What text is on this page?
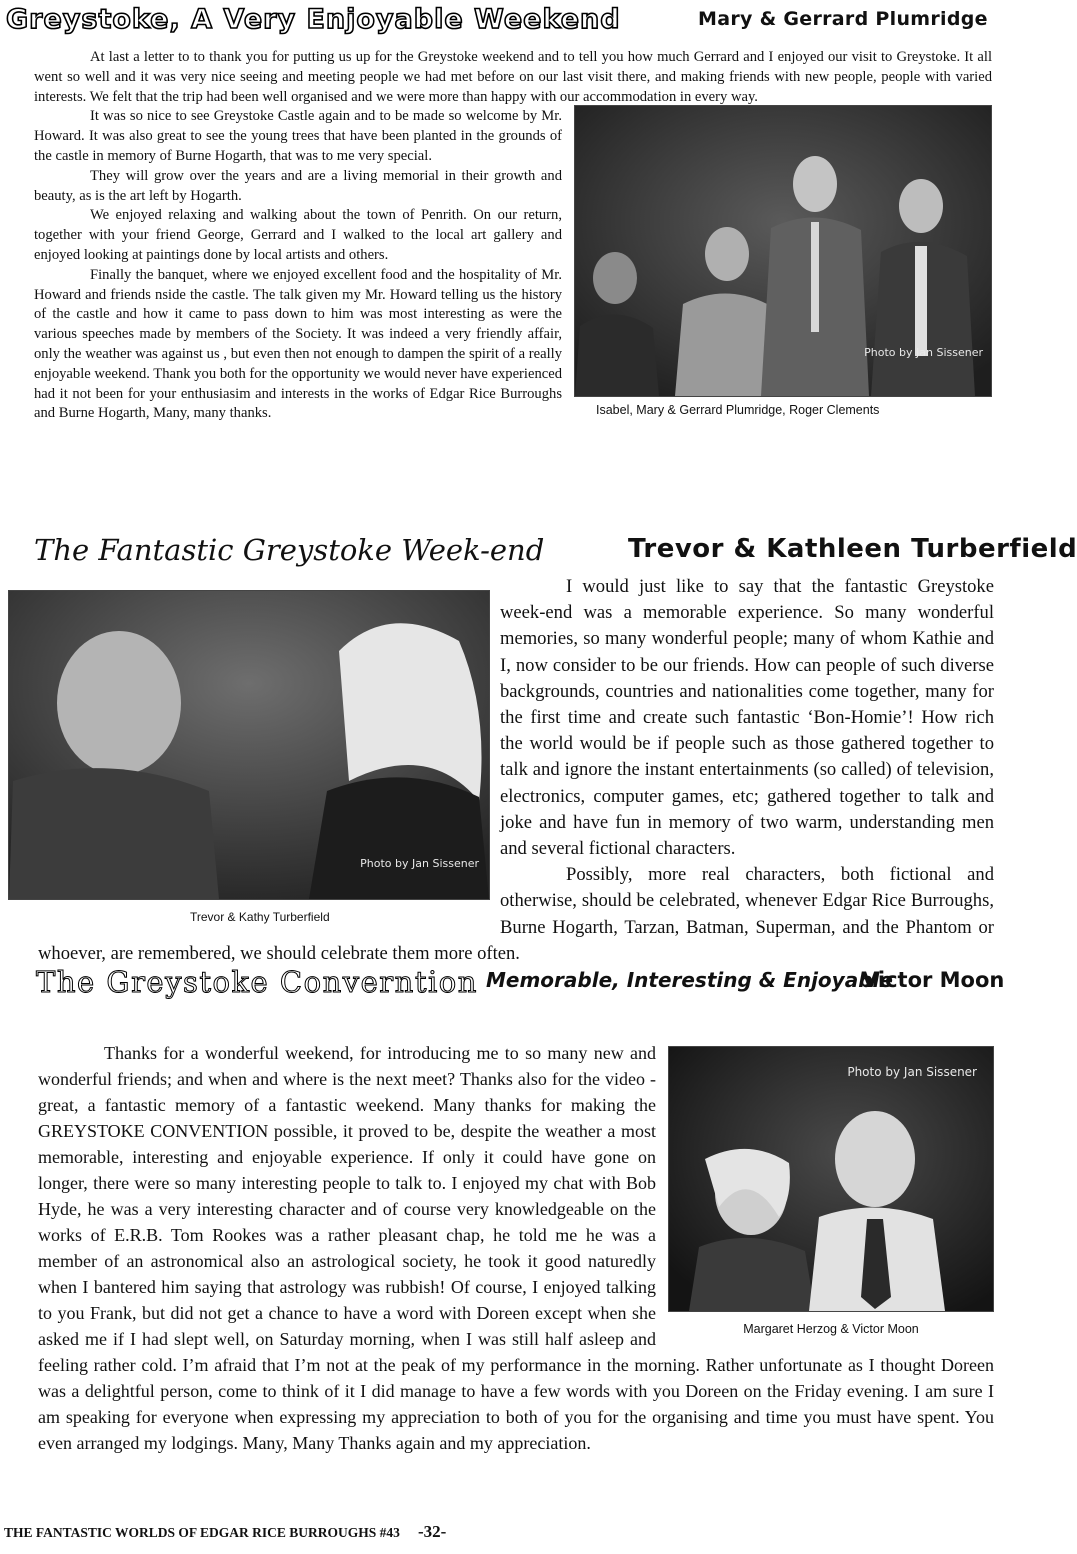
Greystoke, A Very Enjoyable Weekend	Mary & Gerrard Plumridge

At last a letter to to thank you for putting us up for the Greystoke weekend and to tell you how much Gerrard and I enjoyed our visit to Greystoke. It all went so well and it was very nice seeing and meeting people we had met before on our last visit there, and making friends with new people, people with varied interests. We felt that the trip had been well organised and we were more than happy with our accommodation in every way.

Photo by Jan Sissener
Isabel, Mary & Gerrard Plumridge, Roger Clements

It was so nice to see Greystoke Castle again and to be made so welcome by Mr. Howard. It was also great to see the young trees that have been planted in the grounds of the castle in memory of Burne Hogarth, that was to me very special.

They will grow over the years and are a living memorial in their growth and beauty, as is the art left by Hogarth.

We enjoyed relaxing and walking about the town of Penrith. On our return, together with your friend George, Gerrard and I walked to the local art gallery and enjoyed looking at paintings done by local artists and others.

Finally the banquet, where we enjoyed excellent food and the hospitality of Mr. Howard and friends nside the castle. The talk given my Mr. Howard telling us the history of the castle and how it came to pass down to him was most interesting as were the various speeches made by members of the Society. It was indeed a very friendly affair, only the weather was against us , but even then not enough to dampen the spirit of a really enjoyable weekend. Thank you both for the opportunity we would never have experienced had it not been for your enthusiasim and interests in the works of Edgar Rice Burroughs and Burne Hogarth, Many, many thanks.

The Fantastic Greystoke Week-end	Trevor & Kathleen Turberfield
Photo by Jan Sissener
Trevor & Kathy Turberfield

I would just like to say that the fantastic Greystoke week-end was a memorable experience. So many wonderful memories, so many wonderful people; many of whom Kathie and I, now consider to be our friends. How can people of such diverse backgrounds, countries and nationalities come together, many for the first time and create such fantastic ‘Bon-Homie’! How rich the world would be if people such as those gathered together to talk and ignore the instant entertainments (so called) of television, electronics, computer games, etc; gathered together to talk and joke and have fun in memory of two warm, understanding men and several fictional characters.

Possibly, more real characters, both fictional and otherwise, should be celebrated, whenever Edgar Rice Burroughs, Burne Hogarth, Tarzan, Batman, Superman, and the Phantom or whoever, are remembered, we should celebrate them more often.

The Greystoke Converntion Memorable, Interesting & Enjoyable
Victor Moon
Photo by Jan Sissener
Margaret Herzog & Victor Moon

Thanks for a wonderful weekend, for introducing me to so many new and wonderful friends; and when and where is the next meet? Thanks also for the video - great, a fantastic memory of a fantastic weekend. Many thanks for making the GREYSTOKE CONVENTION possible, it proved to be, despite the weather a most memorable, interesting and enjoyable experience. If only it could have gone on longer, there were so many interesting people to talk to. I enjoyed my chat with Bob Hyde, he was a very interesting character and of course very knowledgeable on the works of E.R.B. Tom Rookes was a rather pleasant chap, he told me he was a member of an astronomical also an astrological society, he took it good naturedly when I bantered him saying that astrology was rubbish! Of course, I enjoyed talking to you Frank, but did not get a chance to have a word with Doreen except when she asked me if I had slept well, on Saturday morning, when I was still half asleep and feeling rather cold. I’m afraid that I’m not at the peak of my performance in the morning. Rather unfortunate as I thought Doreen was a delightful person, come to think of it I did manage to have a few words with you Doreen on the Friday evening. I am sure I am speaking for everyone when expressing my appreciation to both of you for the organising and time you must have spent. You even arranged my lodgings. Many, Many Thanks again and my appreciation.

THE FANTASTIC WORLDS OF EDGAR RICE BURROUGHS #43 -32-
